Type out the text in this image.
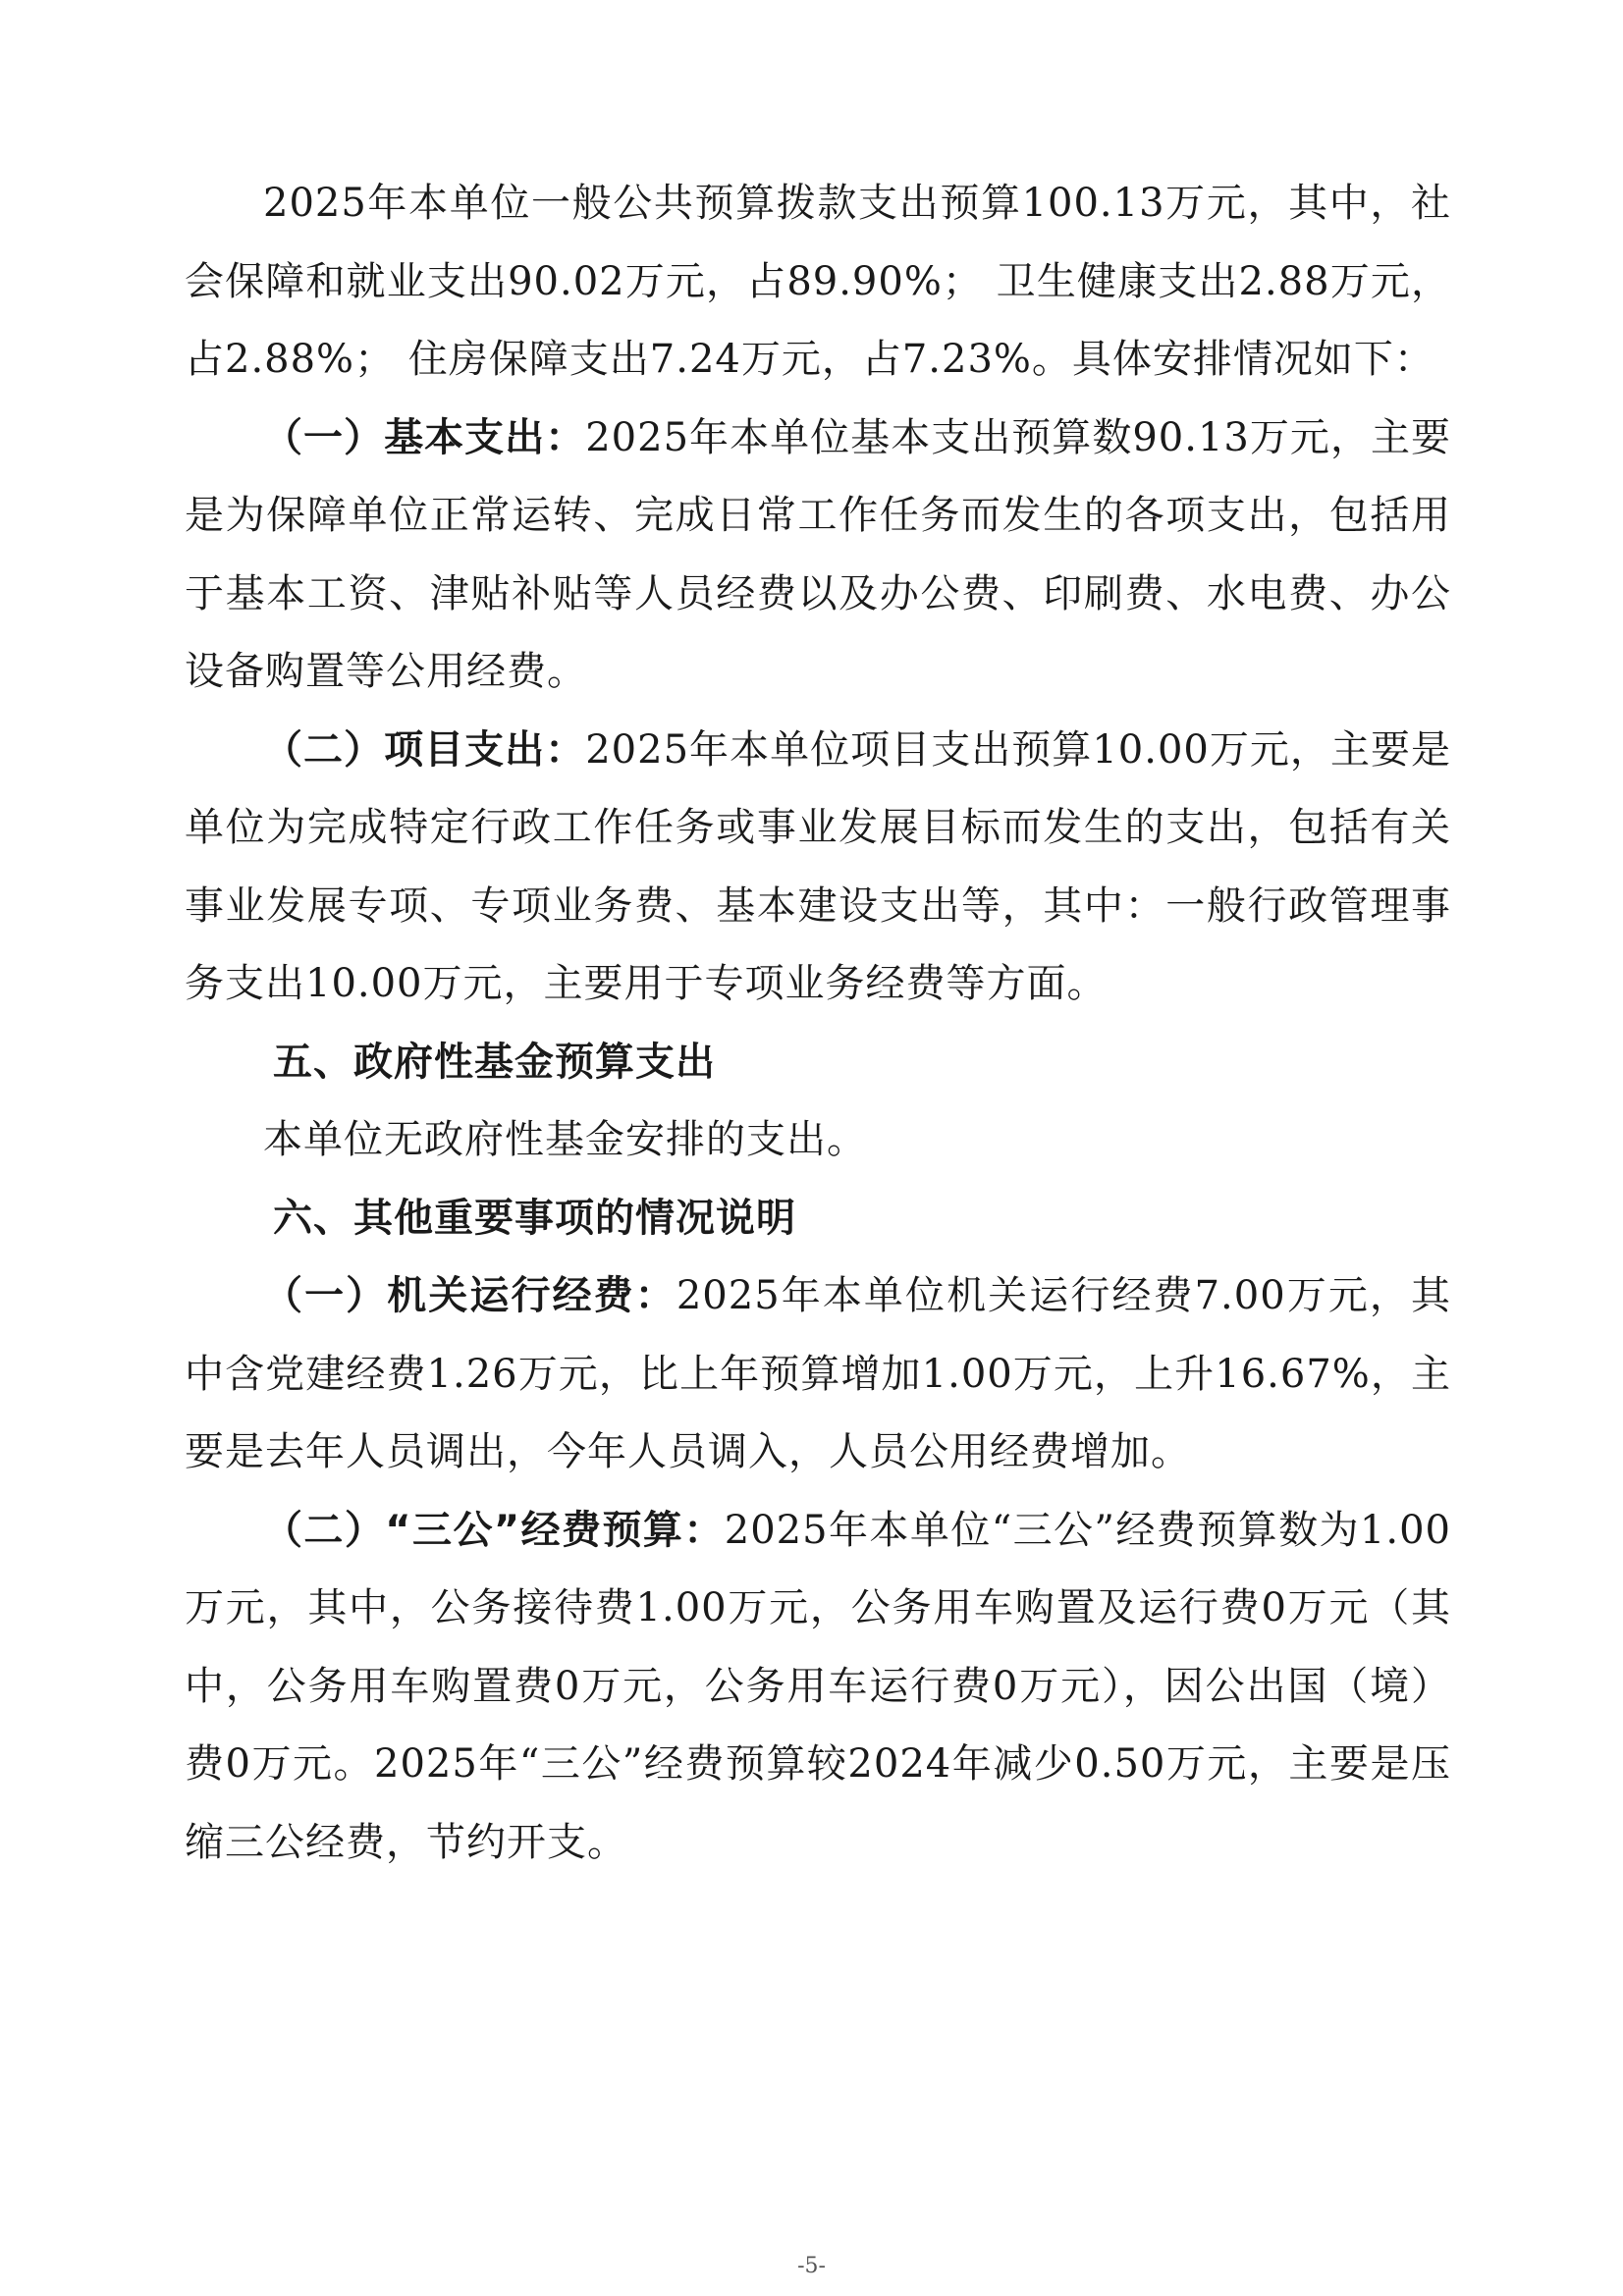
2025年本单位一般公共预算拨款支出预算100.13万元，其中，社会保障和就业支出90.02万元，占89.90%； 卫生健康支出2.88万元，占2.88%； 住房保障支出7.24万元，占7.23%。具体安排情况如下：

（一）基本支出：2025年本单位基本支出预算数90.13万元，主要是为保障单位正常运转、完成日常工作任务而发生的各项支出，包括用于基本工资、津贴补贴等人员经费以及办公费、印刷费、水电费、办公设备购置等公用经费。

（二）项目支出：2025年本单位项目支出预算10.00万元，主要是单位为完成特定行政工作任务或事业发展目标而发生的支出，包括有关事业发展专项、专项业务费、基本建设支出等，其中：一般行政管理事务支出10.00万元，主要用于专项业务经费等方面。

五、政府性基金预算支出

本单位无政府性基金安排的支出。

六、其他重要事项的情况说明

（一）机关运行经费：2025年本单位机关运行经费7.00万元，其中含党建经费1.26万元，比上年预算增加1.00万元，上升16.67%，主要是去年人员调出，今年人员调入，人员公用经费增加。

（二）“三公”经费预算：2025年本单位“三公”经费预算数为1.00万元，其中，公务接待费1.00万元，公务用车购置及运行费0万元（其中，公务用车购置费0万元，公务用车运行费0万元），因公出国（境）费0万元。2025年“三公”经费预算较2024年减少0.50万元，主要是压缩三公经费，节约开支。

-5-
